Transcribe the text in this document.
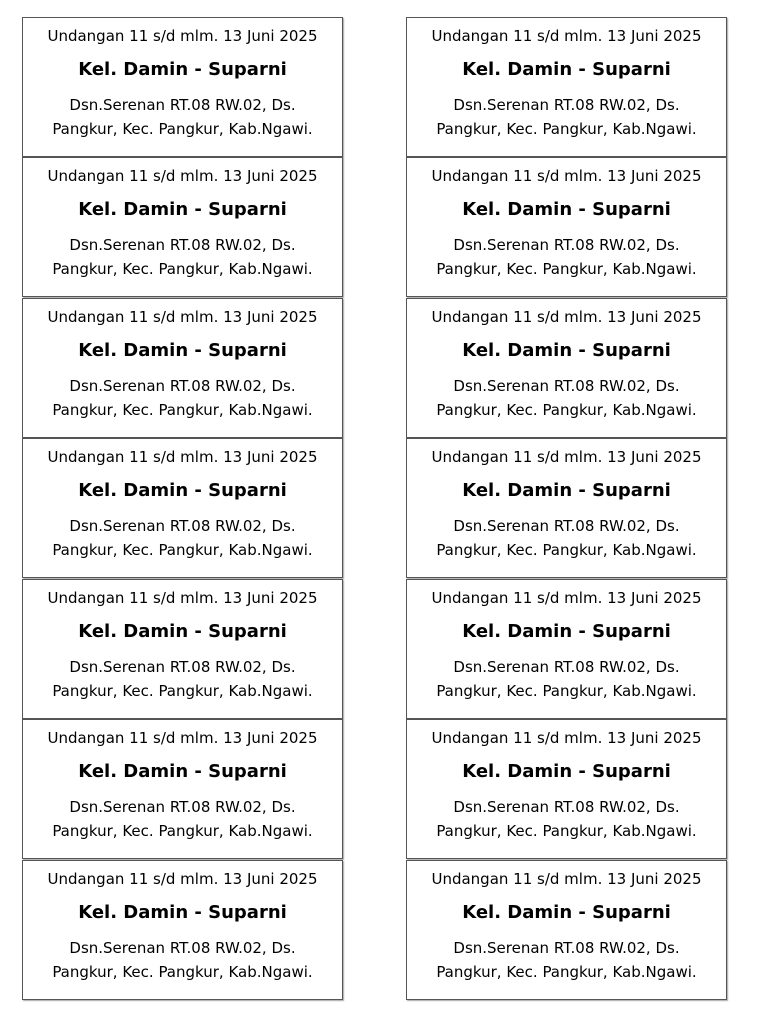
Undangan 11 s/d mlm. 13 Juni 2025
Kel. Damin - Suparni
Dsn.Serenan RT.08 RW.02, Ds.
Pangkur, Kec. Pangkur, Kab.Ngawi.
Undangan 11 s/d mlm. 13 Juni 2025
Kel. Damin - Suparni
Dsn.Serenan RT.08 RW.02, Ds.
Pangkur, Kec. Pangkur, Kab.Ngawi.
Undangan 11 s/d mlm. 13 Juni 2025
Kel. Damin - Suparni
Dsn.Serenan RT.08 RW.02, Ds.
Pangkur, Kec. Pangkur, Kab.Ngawi.
Undangan 11 s/d mlm. 13 Juni 2025
Kel. Damin - Suparni
Dsn.Serenan RT.08 RW.02, Ds.
Pangkur, Kec. Pangkur, Kab.Ngawi.
Undangan 11 s/d mlm. 13 Juni 2025
Kel. Damin - Suparni
Dsn.Serenan RT.08 RW.02, Ds.
Pangkur, Kec. Pangkur, Kab.Ngawi.
Undangan 11 s/d mlm. 13 Juni 2025
Kel. Damin - Suparni
Dsn.Serenan RT.08 RW.02, Ds.
Pangkur, Kec. Pangkur, Kab.Ngawi.
Undangan 11 s/d mlm. 13 Juni 2025
Kel. Damin - Suparni
Dsn.Serenan RT.08 RW.02, Ds.
Pangkur, Kec. Pangkur, Kab.Ngawi.
Undangan 11 s/d mlm. 13 Juni 2025
Kel. Damin - Suparni
Dsn.Serenan RT.08 RW.02, Ds.
Pangkur, Kec. Pangkur, Kab.Ngawi.
Undangan 11 s/d mlm. 13 Juni 2025
Kel. Damin - Suparni
Dsn.Serenan RT.08 RW.02, Ds.
Pangkur, Kec. Pangkur, Kab.Ngawi.
Undangan 11 s/d mlm. 13 Juni 2025
Kel. Damin - Suparni
Dsn.Serenan RT.08 RW.02, Ds.
Pangkur, Kec. Pangkur, Kab.Ngawi.
Undangan 11 s/d mlm. 13 Juni 2025
Kel. Damin - Suparni
Dsn.Serenan RT.08 RW.02, Ds.
Pangkur, Kec. Pangkur, Kab.Ngawi.
Undangan 11 s/d mlm. 13 Juni 2025
Kel. Damin - Suparni
Dsn.Serenan RT.08 RW.02, Ds.
Pangkur, Kec. Pangkur, Kab.Ngawi.
Undangan 11 s/d mlm. 13 Juni 2025
Kel. Damin - Suparni
Dsn.Serenan RT.08 RW.02, Ds.
Pangkur, Kec. Pangkur, Kab.Ngawi.
Undangan 11 s/d mlm. 13 Juni 2025
Kel. Damin - Suparni
Dsn.Serenan RT.08 RW.02, Ds.
Pangkur, Kec. Pangkur, Kab.Ngawi.
